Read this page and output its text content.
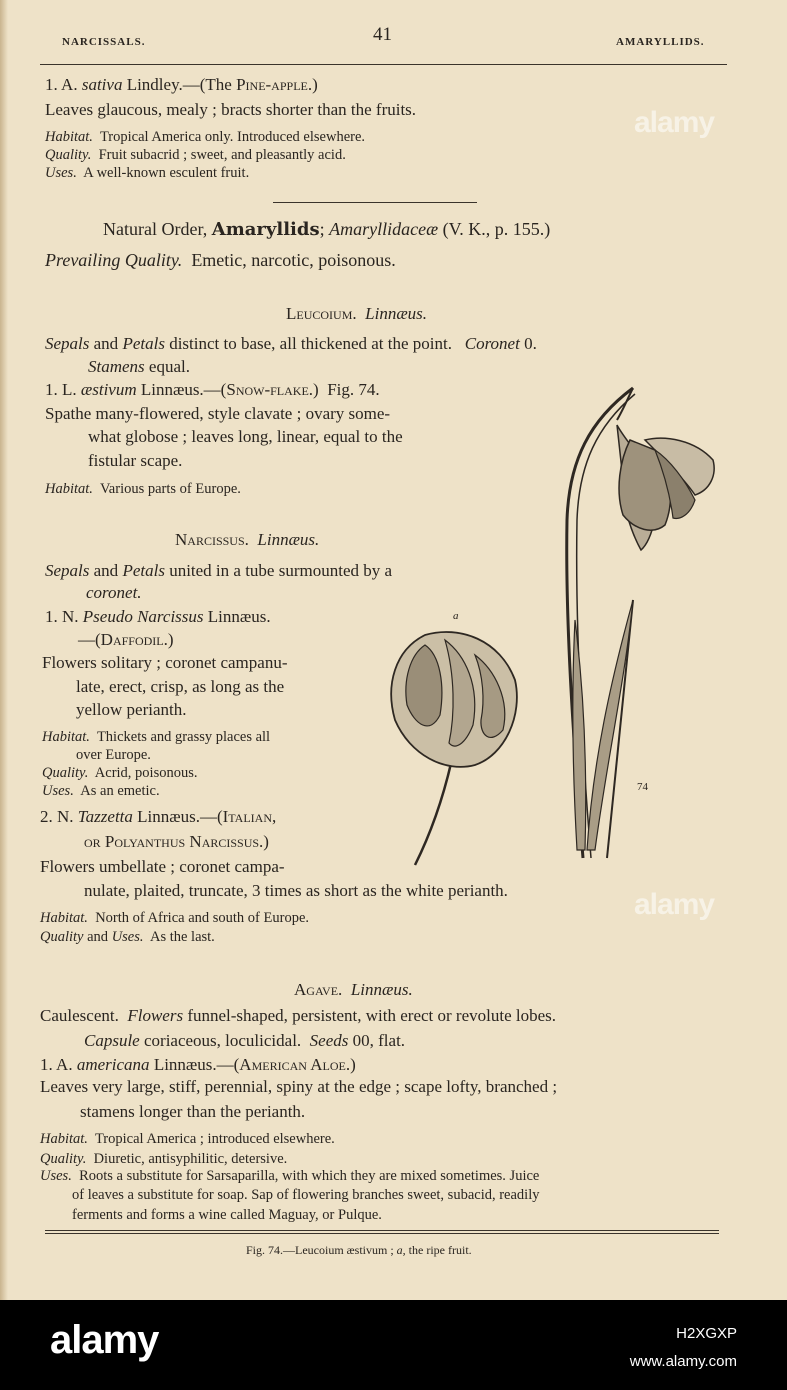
NARCISSALS.	41	AMARYLLIDS.
1. A. sativa Lindley.—(The Pine-apple.)
Leaves glaucous, mealy ; bracts shorter than the fruits.
Habitat. Tropical America only. Introduced elsewhere.
Quality. Fruit subacrid ; sweet, and pleasantly acid.
Uses. A well-known esculent fruit.
Natural Order, Amaryllids; Amaryllidaceæ (V. K., p. 155.)
Prevailing Quality. Emetic, narcotic, poisonous.
Leucoium. Linnæus.
Sepals and Petals distinct to base, all thickened at the point. Coronet 0.
Stamens equal.
1. L. æstivum Linnæus.—(Snow-flake.) Fig. 74.
Spathe many-flowered, style clavate ; ovary some-
what globose ; leaves long, linear, equal to the
fistular scape.
Habitat. Various parts of Europe.
Narcissus. Linnæus.
Sepals and Petals united in a tube surmounted by a
coronet.
1. N. Pseudo Narcissus Linnæus.
—(Daffodil.)
Flowers solitary ; coronet campanu-
late, erect, crisp, as long as the
yellow perianth.
Habitat. Thickets and grassy places all
over Europe.
Quality. Acrid, poisonous.
Uses. As an emetic.
2. N. Tazzetta Linnæus.—(Italian,
or Polyanthus Narcissus.)
Flowers umbellate ; coronet campa-
nulate, plaited, truncate, 3 times as short as the white perianth.
Habitat. North of Africa and south of Europe.
Quality and Uses. As the last.
Agave. Linnæus.
Caulescent. Flowers funnel-shaped, persistent, with erect or revolute lobes.
Capsule coriaceous, loculicidal. Seeds 00, flat.
1. A. americana Linnæus.—(American Aloe.)
Leaves very large, stiff, perennial, spiny at the edge ; scape lofty, branched ;
stamens longer than the perianth.
Habitat. Tropical America ; introduced elsewhere.
Quality. Diuretic, antisyphilitic, detersive.
Uses. Roots a substitute for Sarsaparilla, with which they are mixed sometimes. Juice
of leaves a substitute for soap. Sap of flowering branches sweet, subacid, readily
ferments and forms a wine called Maguay, or Pulque.
Fig. 74.—Leucoium æstivum ; a, the ripe fruit.
74
a
alamy
alamy
alamy	H2XGXP
www.alamy.com
